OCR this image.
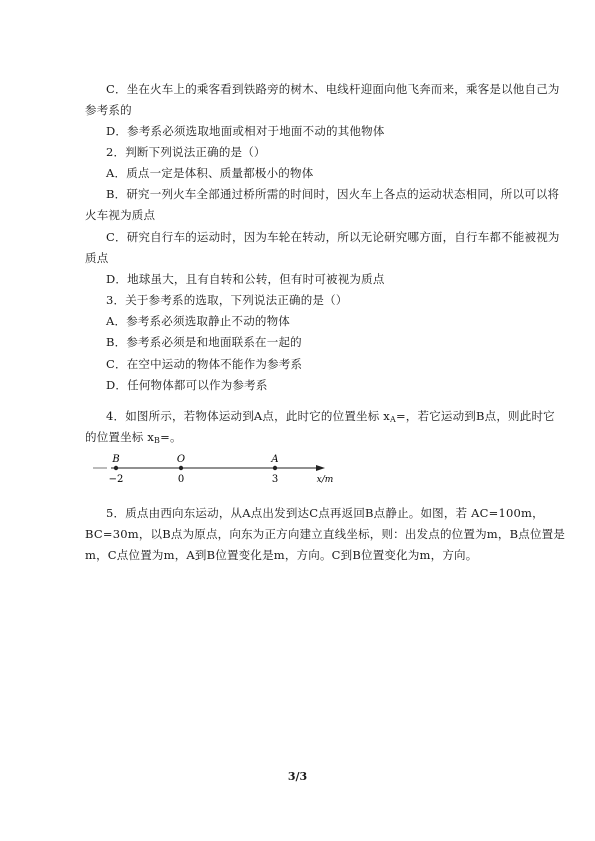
C．坐在火车上的乘客看到铁路旁的树木、电线杆迎面向他飞奔而来，乘客是以他自己为
参考系的
D．参考系必须选取地面或相对于地面不动的其他物体
2．判断下列说法正确的是（）
A．质点一定是体积、质量都极小的物体
B．研究一列火车全部通过桥所需的时间时，因火车上各点的运动状态相同，所以可以将
火车视为质点
C．研究自行车的运动时，因为车轮在转动，所以无论研究哪方面，自行车都不能被视为
质点
D．地球虽大，且有自转和公转，但有时可被视为质点
3．关于参考系的选取，下列说法正确的是（）
A．参考系必须选取静止不动的物体
B．参考系必须是和地面联系在一起的
C．在空中运动的物体不能作为参考系
D．任何物体都可以作为参考系
4．如图所示，若物体运动到A点，此时它的位置坐标 $x_A=$，若它运动到B点，则此时它
的位置坐标 $x_B=$。
B	O	A
−2	0	3	x/m
5．质点由西向东运动，从A点出发到达C点再返回B点静止。如图，若 AC=100m，
BC=30m，以B点为原点，向东为正方向建立直线坐标，则：出发点的位置为m，B点位置是
m，C点位置为m，A到B位置变化是m，方向。C到B位置变化为m，方向。
3/3
